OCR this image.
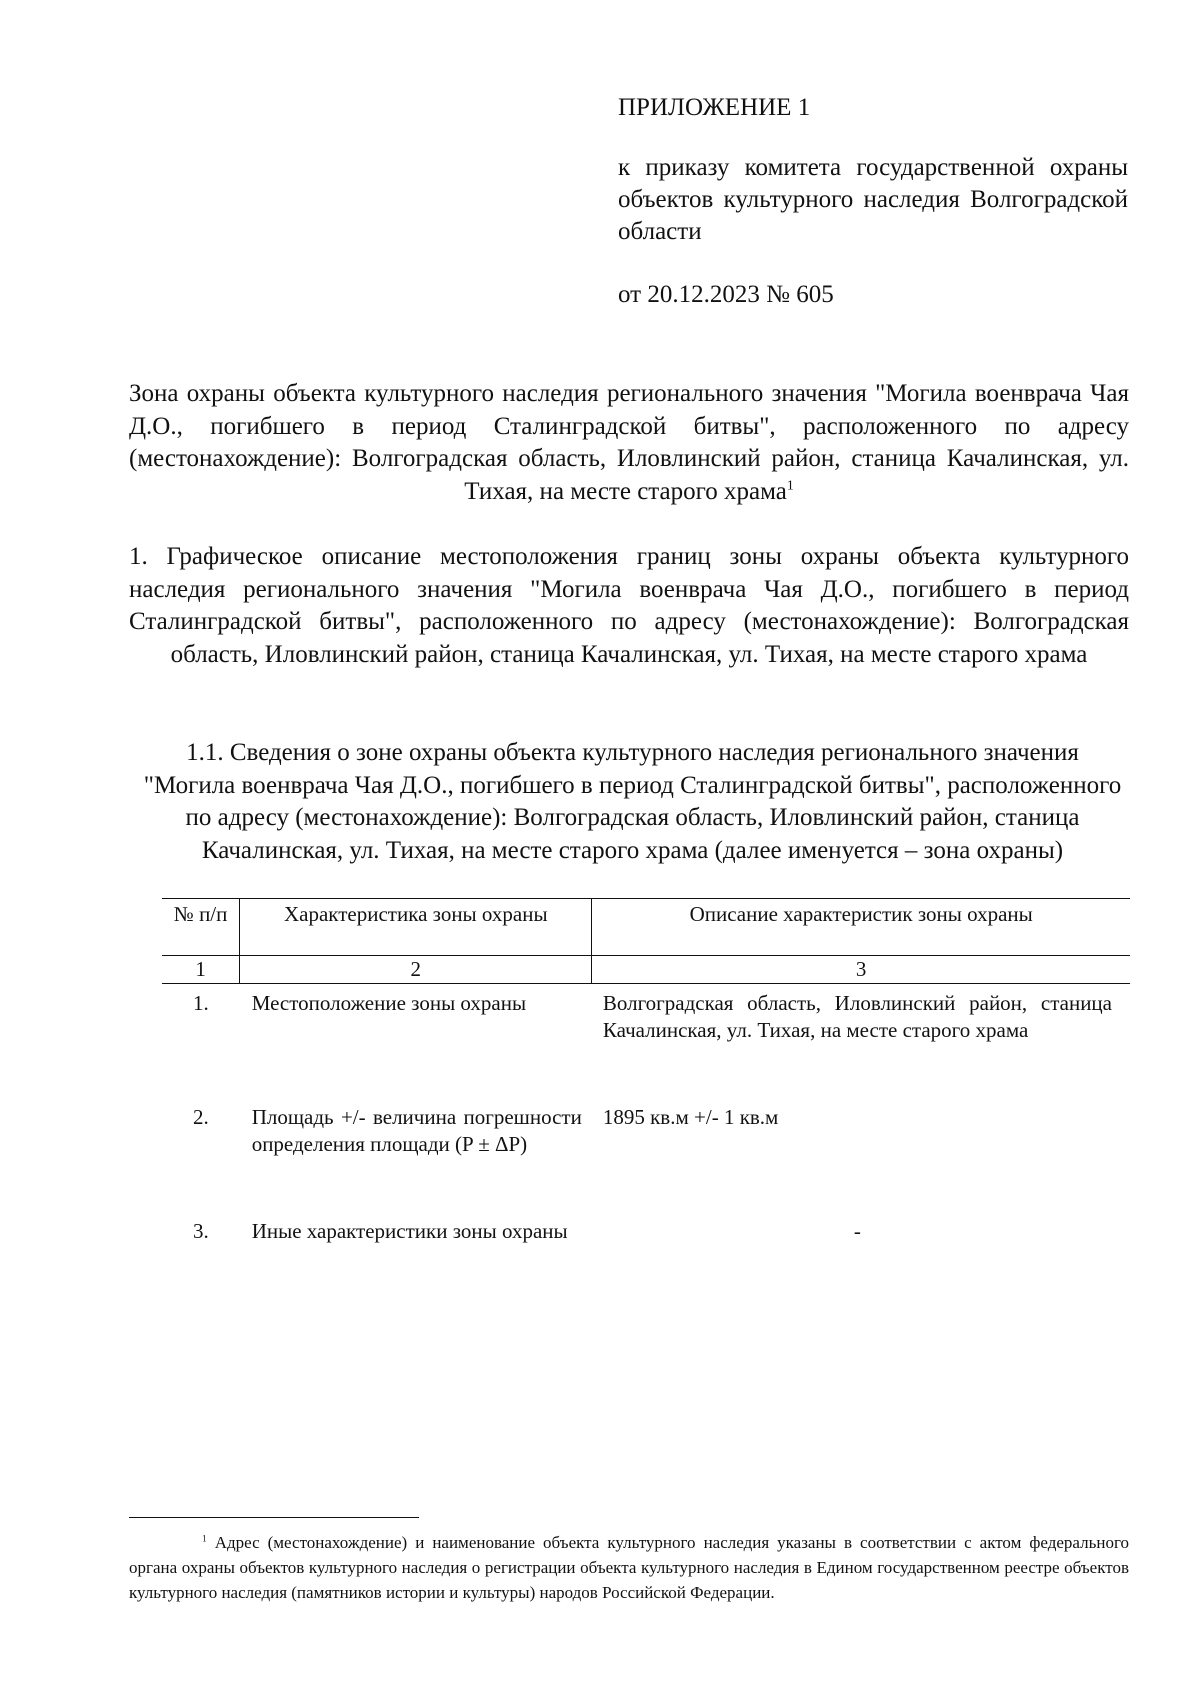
ПРИЛОЖЕНИЕ 1
к приказу комитета государственной охраны объектов культурного наследия Волгоградской области
от 20.12.2023 № 605
Зона охраны объекта культурного наследия регионального значения "Могила военврача Чая Д.О., погибшего в период Сталинградской битвы", расположенного по адресу (местонахождение): Волгоградская область, Иловлинский район, станица Качалинская, ул. Тихая, на месте старого храма$^1$
1. Графическое описание местоположения границ зоны охраны объекта культурного наследия регионального значения "Могила военврача Чая Д.О., погибшего в период Сталинградской битвы", расположенного по адресу (местонахождение): Волгоградская область, Иловлинский район, станица Качалинская, ул. Тихая, на месте старого храма
1.1. Сведения о зоне охраны объекта культурного наследия регионального значения "Могила военврача Чая Д.О., погибшего в период Сталинградской битвы", расположенного по адресу (местонахождение): Волгоградская область, Иловлинский район, станица Качалинская, ул. Тихая, на месте старого храма (далее именуется – зона охраны)
№ п/п	Характеристика зоны охраны	Описание характеристик зоны охраны
1	2	3
1.	Местоположение зоны охраны	Волгоградская область, Иловлинский район, станица Качалинская, ул. Тихая, на месте старого храма
2.	Площадь +/- величина погрешности определения площади (P ± ΔP)	1895 кв.м +/- 1 кв.м
3.	Иные характеристики зоны охраны	-
$^1$ Адрес (местонахождение) и наименование объекта культурного наследия указаны в соответствии с актом федерального органа охраны объектов культурного наследия о регистрации объекта культурного наследия в Едином государственном реестре объектов культурного наследия (памятников истории и культуры) народов Российской Федерации.
